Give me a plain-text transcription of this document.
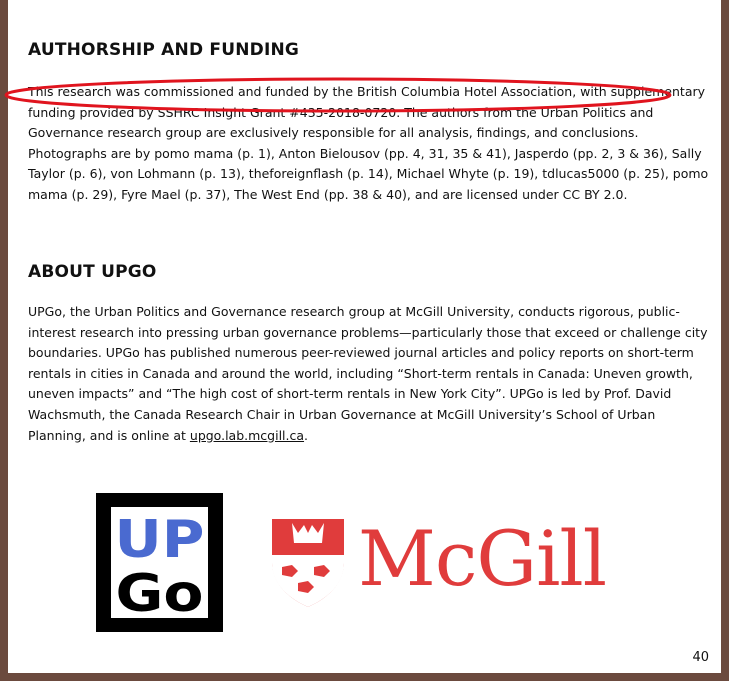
AUTHORSHIP AND FUNDING

This research was commissioned and funded by the British Columbia Hotel Association, with supplementary funding provided by SSHRC Insight Grant #435-2018-0720. The authors from the Urban Politics and Governance research group are exclusively responsible for all analysis, findings, and conclusions. Photographs are by pomo mama (p. 1), Anton Bielousov (pp. 4, 31, 35 & 41), Jasperdo (pp. 2, 3 & 36), Sally Taylor (p. 6), von Lohmann (p. 13), theforeignflash (p. 14), Michael Whyte (p. 19), tdlucas5000 (p. 25), pomo mama (p. 29), Fyre Mael (p. 37), The West End (pp. 38 & 40), and are licensed under CC BY 2.0.

ABOUT UPGO

UPGo, the Urban Politics and Governance research group at McGill University, conducts rigorous, public-interest research into pressing urban governance problems—particularly those that exceed or challenge city boundaries. UPGo has published numerous peer-reviewed journal articles and policy reports on short-term rentals in cities in Canada and around the world, including “Short-term rentals in Canada: Uneven growth, uneven impacts” and “The high cost of short-term rentals in New York City”. UPGo is led by Prof. David Wachsmuth, the Canada Research Chair in Urban Governance at McGill University’s School of Urban Planning, and is online at upgo.lab.mcgill.ca.

UP
Go McGill
40
